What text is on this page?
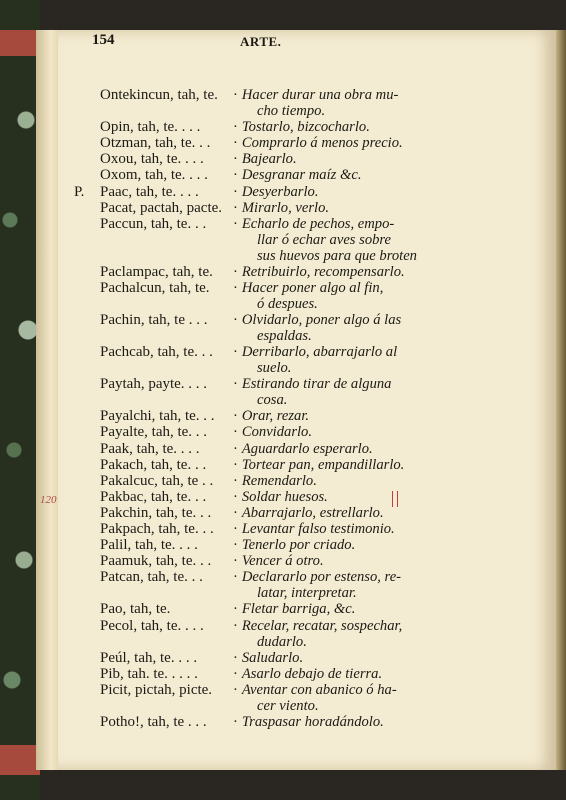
154	ARTE.
120
Ontekincun, tah, te. · Hacer durar una obra mu-
cho tiempo.
Opin, tah, te. . . . · Tostarlo, bizcocharlo.
Otzman, tah, te. . . · Comprarlo á menos precio.
Oxou, tah, te. . . . · Bajearlo.
Oxom, tah, te. . . . · Desgranar maíz &c.
P. Paac, tah, te. . . . · Desyerbarlo.
Pacat, pactah, pacte. · Mirarlo, verlo.
Paccun, tah, te. . . · Echarlo de pechos, empo-
llar ó echar aves sobre
sus huevos para que broten
Paclampac, tah, te. · Retribuirlo, recompensarlo.
Pachalcun, tah, te. · Hacer poner algo al fin,
ó despues.
Pachin, tah, te . . . · Olvidarlo, poner algo á las
espaldas.
Pachcab, tah, te. . . · Derribarlo, abarrajarlo al
suelo.
Paytah, payte. . . . · Estirando tirar de alguna
cosa.
Payalchi, tah, te. . . · Orar, rezar.
Payalte, tah, te. . . · Convidarlo.
Paak, tah, te. . . . · Aguardarlo esperarlo.
Pakach, tah, te. . . · Tortear pan, empandillarlo.
Pakalcuc, tah, te . . · Remendarlo.
Pakbac, tah, te. . . · Soldar huesos.
Pakchin, tah, te. . . · Abarrajarlo, estrellarlo.
Pakpach, tah, te. . . · Levantar falso testimonio.
Palil, tah, te. . . . · Tenerlo por criado.
Paamuk, tah, te. . . · Vencer á otro.
Patcan, tah, te. . . · Declararlo por estenso, re-
latar, interpretar.
Pao, tah, te.	· Fletar barriga, &c.
Pecol, tah, te. . . . · Recelar, recatar, sospechar,
dudarlo.
Peúl, tah, te. . . . · Saludarlo.
Pib, tah. te. . . . . · Asarlo debajo de tierra.
Picit, pictah, picte. · Aventar con abanico ó ha-
cer viento.
Potho!, tah, te . . . · Traspasar horadándolo.
